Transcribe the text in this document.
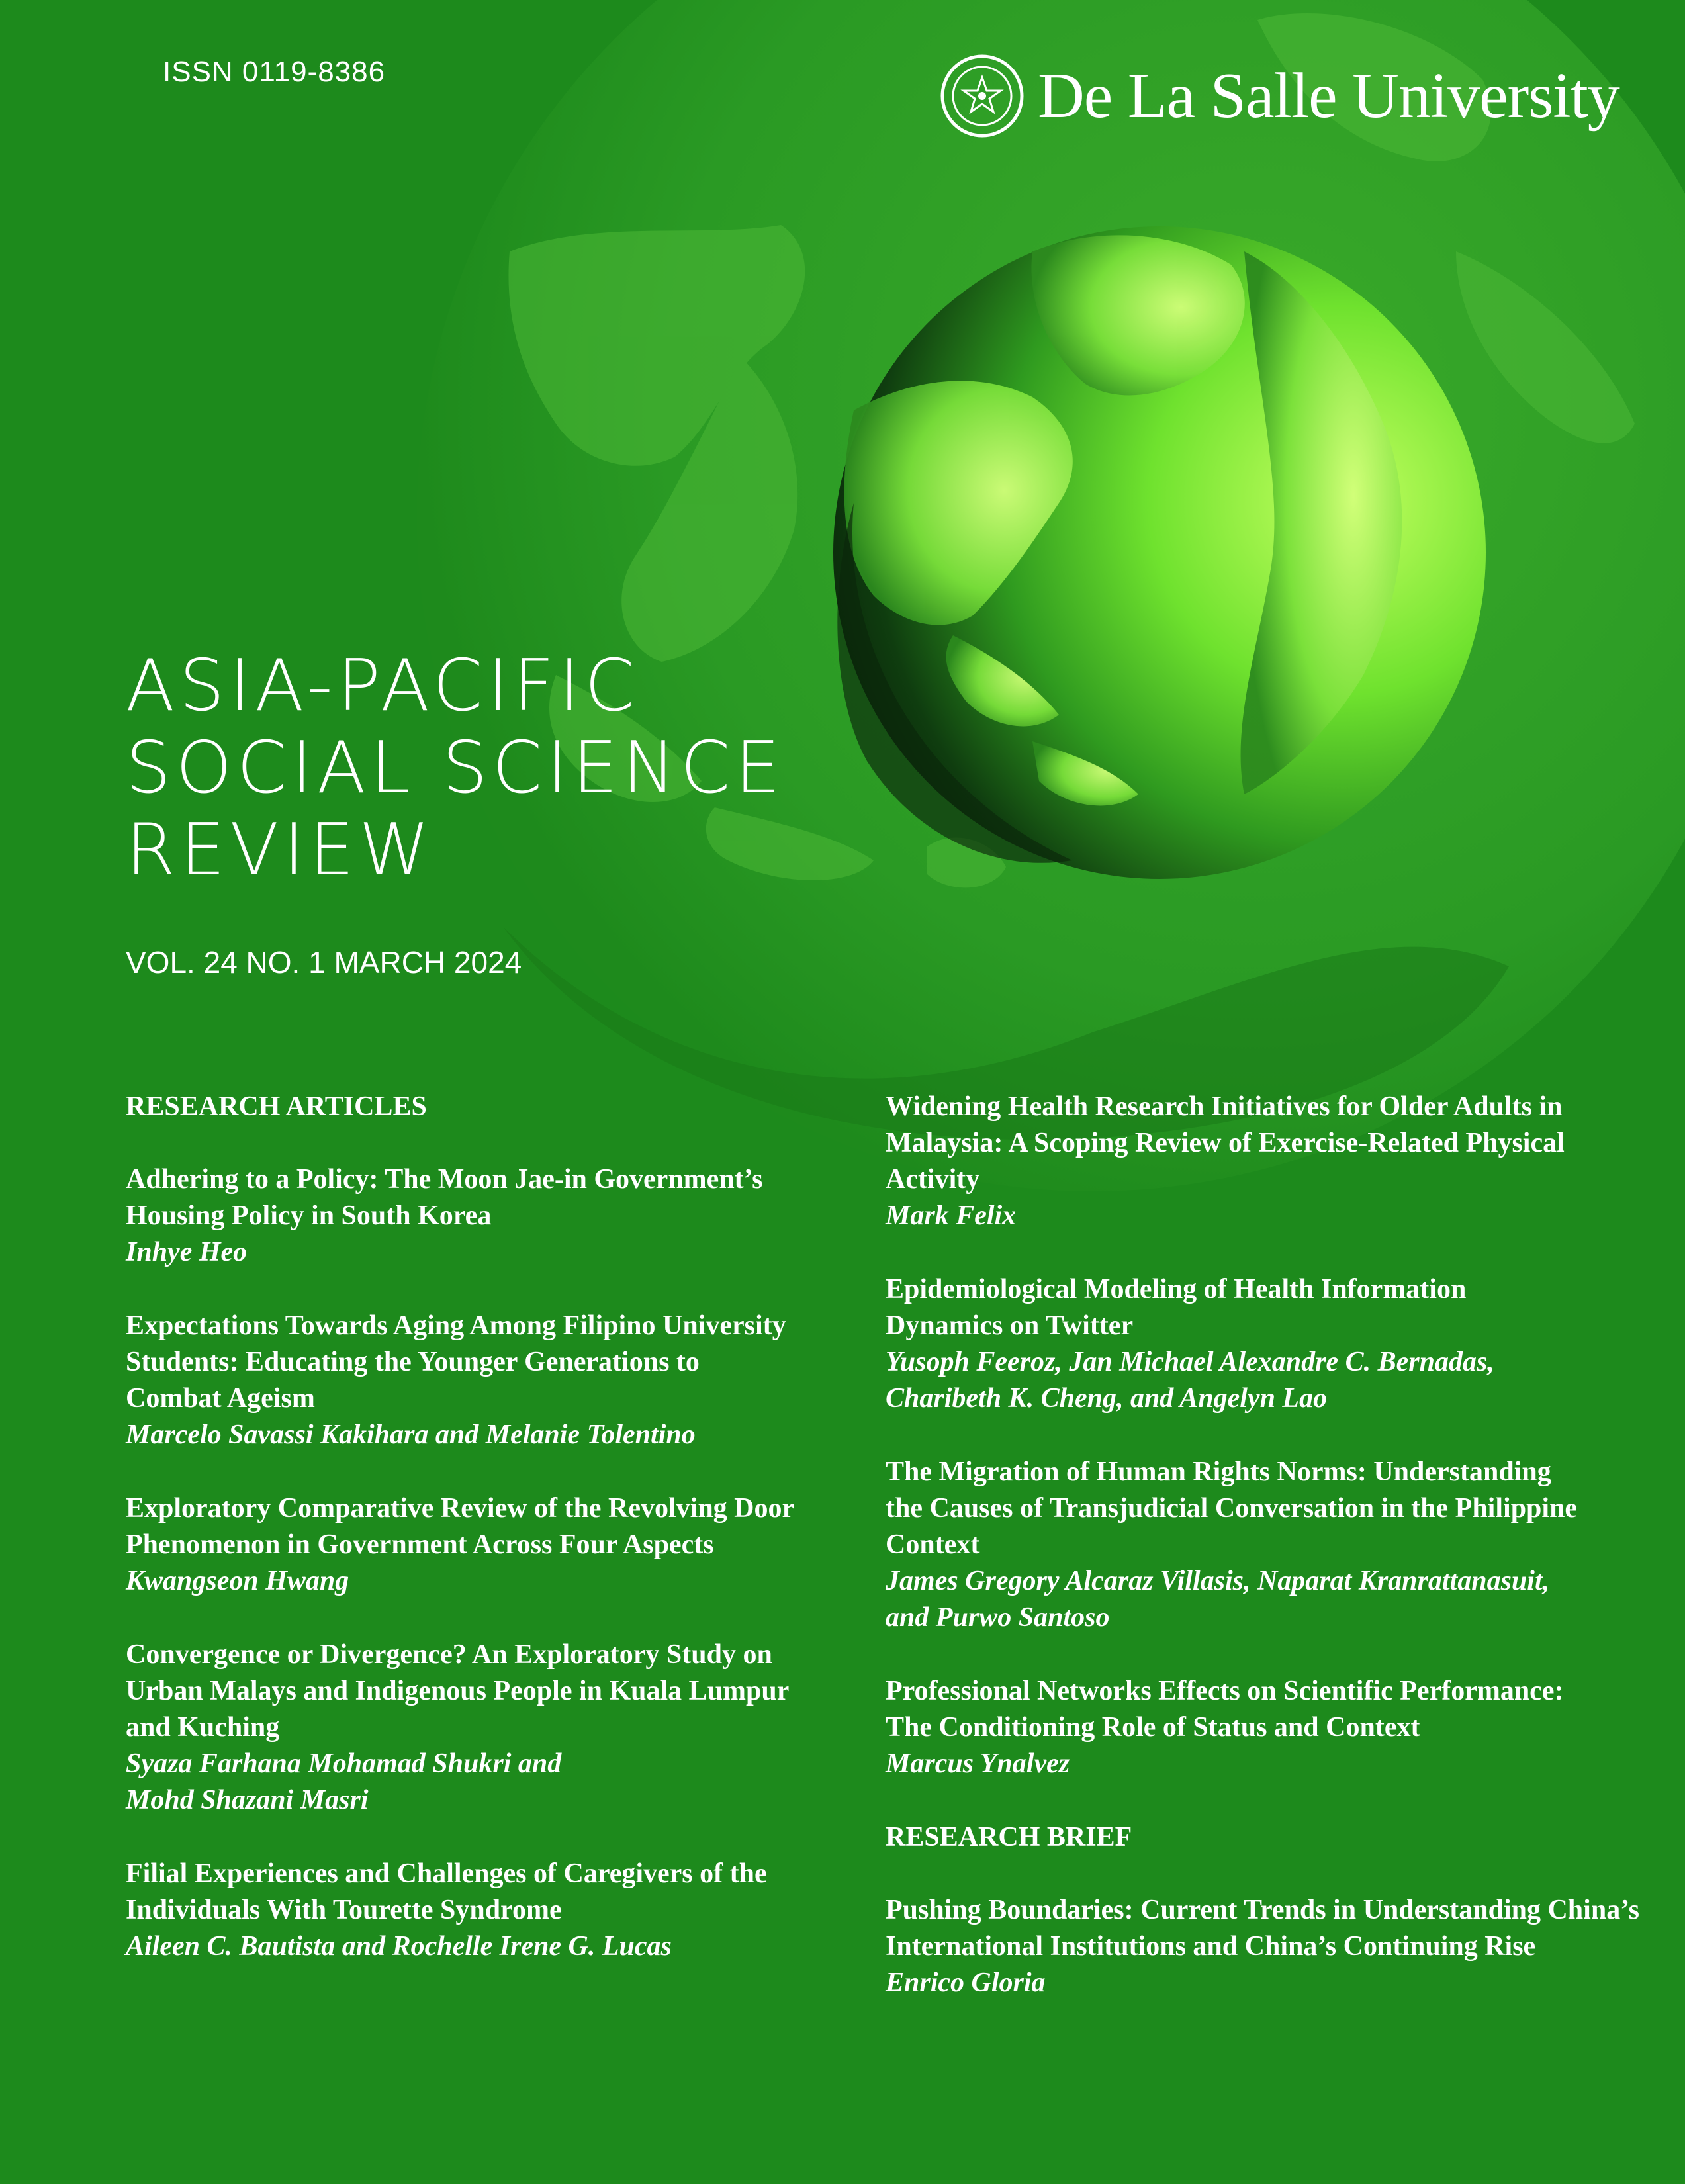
ISSN 0119-8386	De La Salle University
ASIA-PACIFIC
SOCIAL SCIENCE
REVIEW
VOL. 24 NO. 1 MARCH 2024
RESEARCH ARTICLES
Adhering to a Policy: The Moon Jae-in Government’s
Housing Policy in South Korea
Inhye Heo
Expectations Towards Aging Among Filipino University
Students: Educating the Younger Generations to
Combat Ageism
Marcelo Savassi Kakihara and Melanie Tolentino
Exploratory Comparative Review of the Revolving Door
Phenomenon in Government Across Four Aspects
Kwangseon Hwang
Convergence or Divergence? An Exploratory Study on
Urban Malays and Indigenous People in Kuala Lumpur
and Kuching
Syaza Farhana Mohamad Shukri and
Mohd Shazani Masri
Filial Experiences and Challenges of Caregivers of the
Individuals With Tourette Syndrome
Aileen C. Bautista and Rochelle Irene G. Lucas
Widening Health Research Initiatives for Older Adults in
Malaysia: A Scoping Review of Exercise-Related Physical
Activity
Mark Felix
Epidemiological Modeling of Health Information
Dynamics on Twitter
Yusoph Feeroz, Jan Michael Alexandre C. Bernadas,
Charibeth K. Cheng, and Angelyn Lao
The Migration of Human Rights Norms: Understanding
the Causes of Transjudicial Conversation in the Philippine
Context
James Gregory Alcaraz Villasis, Naparat Kranrattanasuit,
and Purwo Santoso
Professional Networks Effects on Scientific Performance:
The Conditioning Role of Status and Context
Marcus Ynalvez
RESEARCH BRIEF
Pushing Boundaries: Current Trends in Understanding China’s
International Institutions and China’s Continuing Rise
Enrico Gloria
